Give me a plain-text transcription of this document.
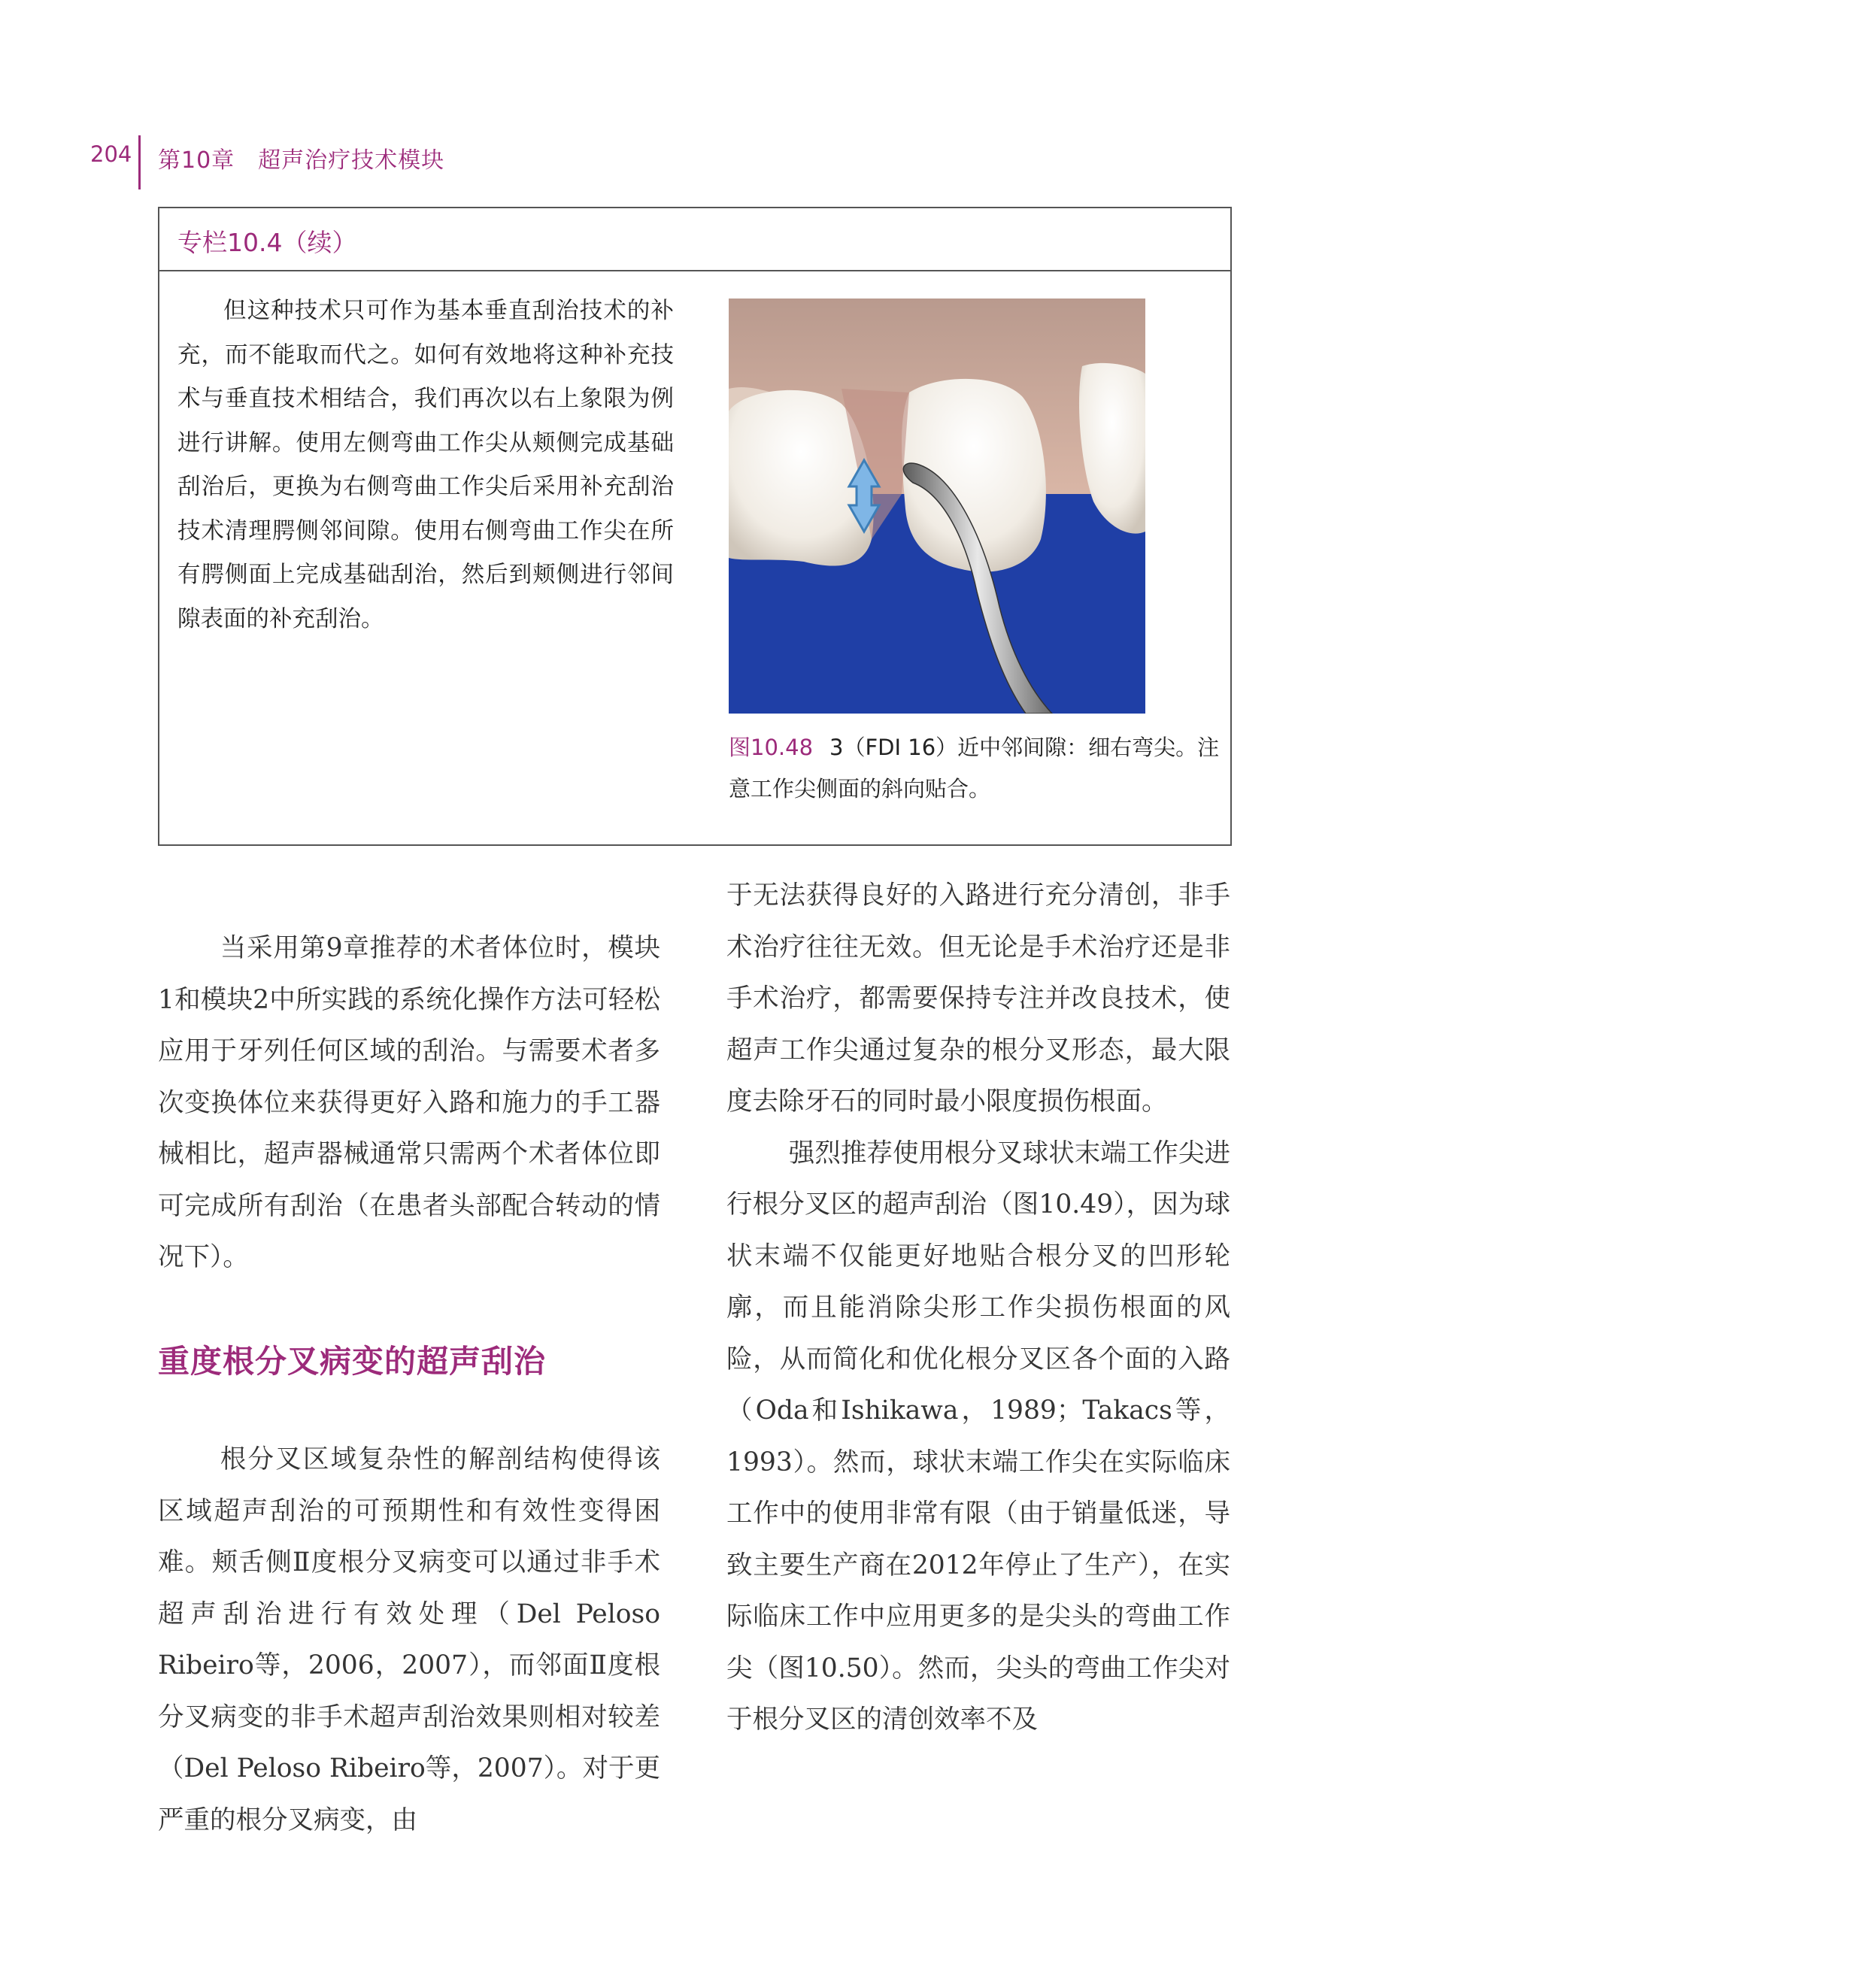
204 第10章　超声治疗技术模块
专栏10.4（续）
但这种技术只可作为基本垂直刮治技术的补充，而不能取而代之。如何有效地将这种补充技术与垂直技术相结合，我们再次以右上象限为例进行讲解。使用左侧弯曲工作尖从颊侧完成基础刮治后，更换为右侧弯曲工作尖后采用补充刮治技术清理腭侧邻间隙。使用右侧弯曲工作尖在所有腭侧面上完成基础刮治，然后到颊侧进行邻间隙表面的补充刮治。
图10.48 3（FDI 16）近中邻间隙：细右弯尖。注意工作尖侧面的斜向贴合。

当采用第9章推荐的术者体位时，模块1和模块2中所实践的系统化操作方法可轻松应用于牙列任何区域的刮治。与需要术者多次变换体位来获得更好入路和施力的手工器械相比，超声器械通常只需两个术者体位即可完成所有刮治（在患者头部配合转动的情况下）。

重度根分叉病变的超声刮治

根分叉区域复杂性的解剖结构使得该区域超声刮治的可预期性和有效性变得困难。颊舌侧Ⅱ度根分叉病变可以通过非手术超声刮治进行有效处理（Del Peloso Ribeiro等，2006，2007），而邻面Ⅱ度根分叉病变的非手术超声刮治效果则相对较差（Del Peloso Ribeiro等，2007）。对于更严重的根分叉病变，由

于无法获得良好的入路进行充分清创，非手术治疗往往无效。但无论是手术治疗还是非手术治疗，都需要保持专注并改良技术，使超声工作尖通过复杂的根分叉形态，最大限度去除牙石的同时最小限度损伤根面。

强烈推荐使用根分叉球状末端工作尖进行根分叉区的超声刮治（图10.49），因为球状末端不仅能更好地贴合根分叉的凹形轮廓，而且能消除尖形工作尖损伤根面的风险，从而简化和优化根分叉区各个面的入路（Oda和Ishikawa，1989；Takacs等，1993）。然而，球状末端工作尖在实际临床工作中的使用非常有限（由于销量低迷，导致主要生产商在2012年停止了生产），在实际临床工作中应用更多的是尖头的弯曲工作尖（图10.50）。然而，尖头的弯曲工作尖对于根分叉区的清创效率不及
